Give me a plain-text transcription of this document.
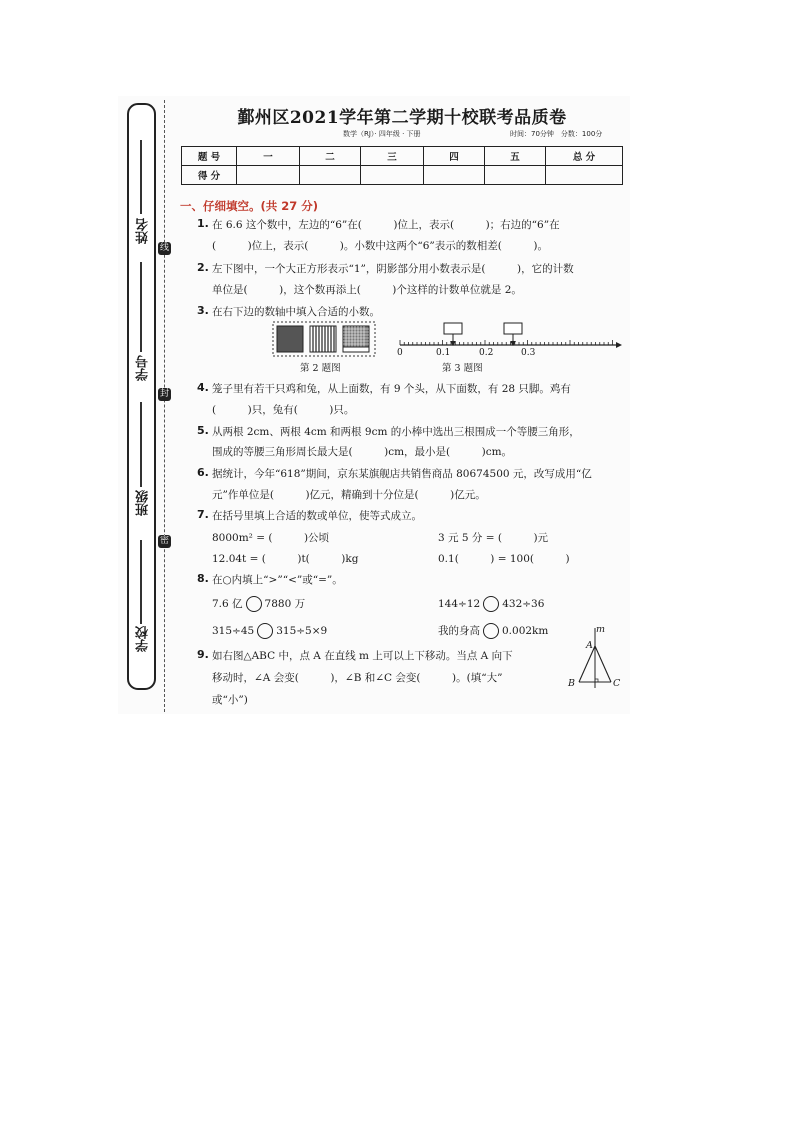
姓名
学号
班级
学校
线
封
密
鄞州区2021学年第二学期十校联考品质卷
数学（RJ）· 四年级 · 下册	时间：70分钟　分数：100分
题 号	一	二	三	四	五	总 分
得 分						
一、仔细填空。(共 27 分)
1. 在 6.6 这个数中，左边的“6”在(　　　)位上，表示(　　　)；右边的“6”在
(　　　)位上，表示(　　　)。小数中这两个“6”表示的数相差(　　　)。
2. 左下图中，一个大正方形表示“1”，阴影部分用小数表示是(　　　)，它的计数
单位是(　　　)，这个数再添上(　　　)个这样的计数单位就是 2。
3. 在右下边的数轴中填入合适的小数。
第 2 题图
0	0.1	0.2	0.3
第 3 题图
4. 笼子里有若干只鸡和兔，从上面数，有 9 个头，从下面数，有 28 只脚。鸡有
(　　　)只，兔有(　　　)只。
5. 从两根 2cm、两根 4cm 和两根 9cm 的小棒中选出三根围成一个等腰三角形，
围成的等腰三角形周长最大是(　　　)cm，最小是(　　　)cm。
6. 据统计，今年“618”期间，京东某旗舰店共销售商品 80674500 元，改写成用“亿
元”作单位是(　　　)亿元，精确到十分位是(　　　)亿元。
7. 在括号里填上合适的数或单位，使等式成立。
8000m² = (　　　)公顷	3 元 5 分 = (　　　)元
12.04t = (　　　)t(　　　)kg	0.1(　　　) = 100(　　　)
8. 在○内填上“>”“<”或“=”。
7.6 亿 7880 万	144÷12 432÷36
315÷45 315÷5×9	我的身高 0.002km
9. 如右图△ABC 中，点 A 在直线 m 上可以上下移动。当点 A 向下
移动时，∠A 会变(　　　)，∠B 和∠C 会变(　　　)。(填“大”
或“小”)
m
A
B	C
